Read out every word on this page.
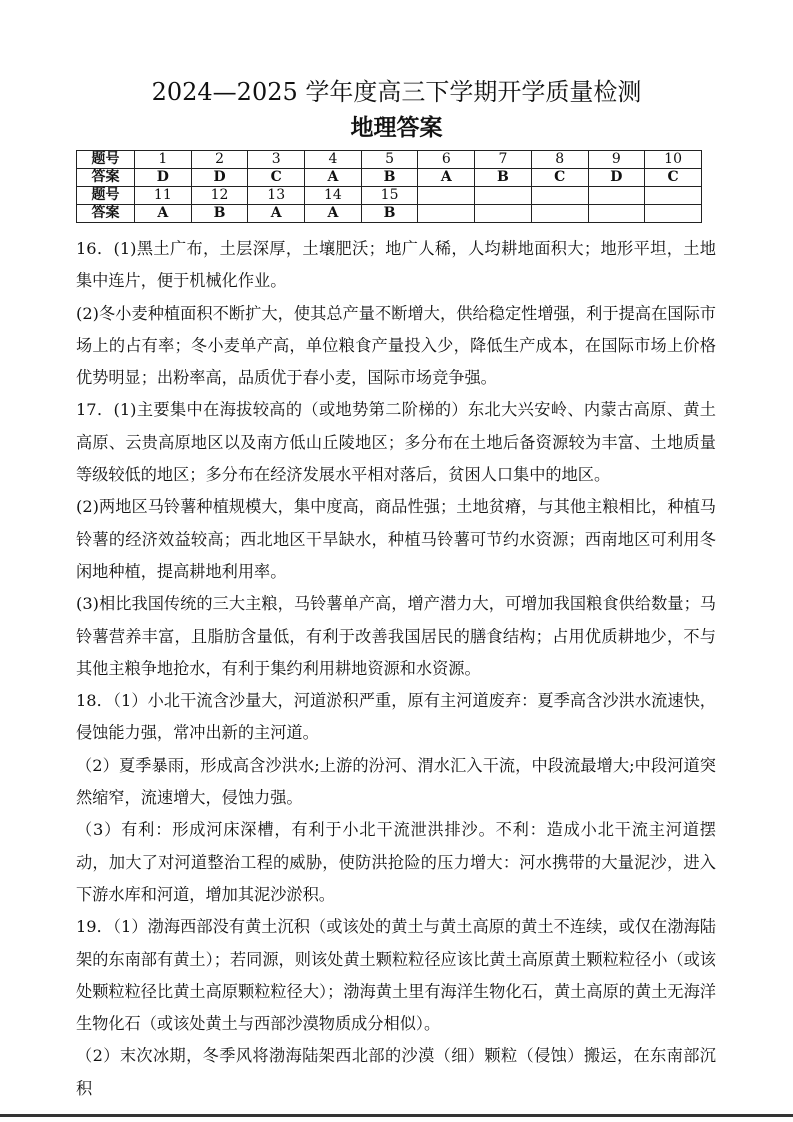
2024—2025 学年度高三下学期开学质量检测
地理答案
题号	1	2	3	4	5	6	7	8	9	10
答案	D	D	C	A	B	A	B	C	D	C
题号	11	12	13	14	15					
答案	A	B	A	A	B					

16．(1)黑土广布，土层深厚，土壤肥沃；地广人稀，人均耕地面积大；地形平坦，土地集中连片，便于机械化作业。

(2)冬小麦种植面积不断扩大，使其总产量不断增大，供给稳定性增强，利于提高在国际市场上的占有率；冬小麦单产高，单位粮食产量投入少，降低生产成本，在国际市场上价格优势明显；出粉率高，品质优于春小麦，国际市场竞争强。

17．(1)主要集中在海拔较高的（或地势第二阶梯的）东北大兴安岭、内蒙古高原、黄土高原、云贵高原地区以及南方低山丘陵地区；多分布在土地后备资源较为丰富、土地质量等级较低的地区；多分布在经济发展水平相对落后，贫困人口集中的地区。

(2)两地区马铃薯种植规模大，集中度高，商品性强；土地贫瘠，与其他主粮相比，种植马铃薯的经济效益较高；西北地区干旱缺水，种植马铃薯可节约水资源；西南地区可利用冬闲地种植，提高耕地利用率。

(3)相比我国传统的三大主粮，马铃薯单产高，增产潜力大，可增加我国粮食供给数量；马铃薯营养丰富，且脂肪含量低，有利于改善我国居民的膳食结构；占用优质耕地少，不与其他主粮争地抢水，有利于集约利用耕地资源和水资源。

18．（1）小北干流含沙量大，河道淤积严重，原有主河道废弃：夏季高含沙洪水流速快，侵蚀能力强，常冲出新的主河道。

（2）夏季暴雨，形成高含沙洪水;上游的汾河、渭水汇入干流，中段流最增大;中段河道突然缩窄，流速增大，侵蚀力强。

（3）有利：形成河床深槽，有利于小北干流泄洪排沙。不利：造成小北干流主河道摆动，加大了对河道整治工程的威胁，使防洪抢险的压力增大：河水携带的大量泥沙，进入下游水库和河道，增加其泥沙淤积。

19．（1）渤海西部没有黄土沉积（或该处的黄土与黄土高原的黄土不连续，或仅在渤海陆架的东南部有黄土）；若同源，则该处黄土颗粒粒径应该比黄土高原黄土颗粒粒径小（或该处颗粒粒径比黄土高原颗粒粒径大）；渤海黄土里有海洋生物化石，黄土高原的黄土无海洋生物化石（或该处黄土与西部沙漠物质成分相似）。

（2）末次冰期，冬季风将渤海陆架西北部的沙漠（细）颗粒（侵蚀）搬运，在东南部沉积
